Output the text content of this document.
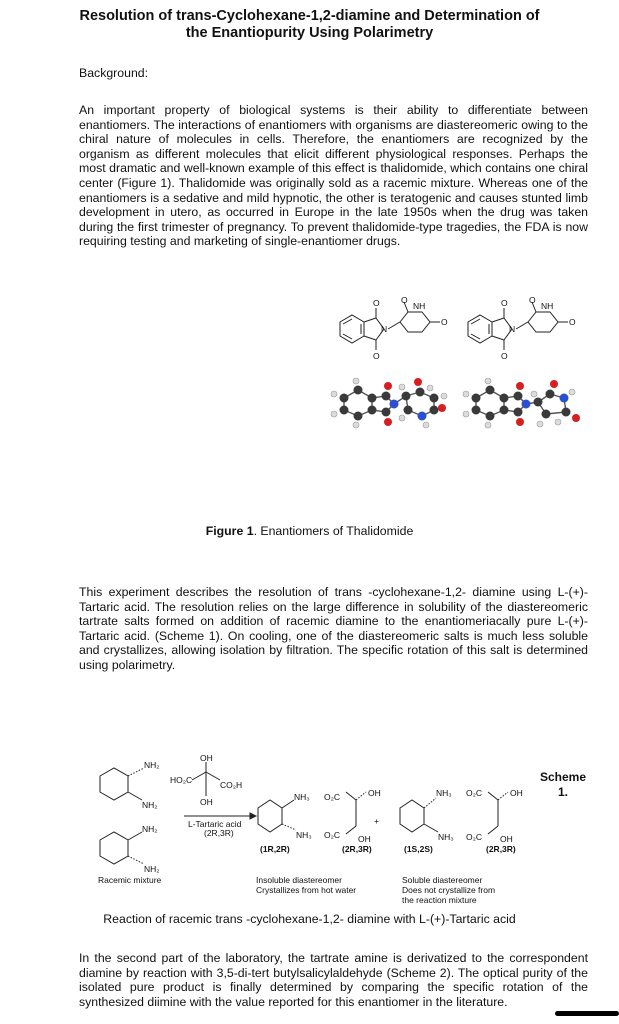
Resolution of trans-Cyclohexane-1,2-diamine and Determination of
the Enantiopurity Using Polarimetry
Background:
An important property of biological systems is their ability to differentiate between enantiomers. The interactions of enantiomers with organisms are diastereomeric owing to the chiral nature of molecules in cells. Therefore, the enantiomers are recognized by the organism as different molecules that elicit different physiological responses. Perhaps the most dramatic and well-known example of this effect is thalidomide, which contains one chiral center (Figure 1). Thalidomide was originally sold as a racemic mixture. Whereas one of the enantiomers is a sedative and mild hypnotic, the other is teratogenic and causes stunted limb development in utero, as occurred in Europe in the late 1950s when the drug was taken during the first trimester of pregnancy. To prevent thalidomide-type tragedies, the FDA is now requiring testing and marketing of single-enantiomer drugs.
N
O
O
O
NH
O
N
O
O
O
NH
O
Figure 1. Enantiomers of Thalidomide
This experiment describes the resolution of trans -cyclohexane-1,2- diamine using L-(+)-Tartaric acid. The resolution relies on the large difference in solubility of the diastereomeric tartrate salts formed on addition of racemic diamine to the enantiomeriacally pure L-(+)-Tartaric acid. (Scheme 1). On cooling, one of the diastereomeric salts is much less soluble and crystallizes, allowing isolation by filtration. The specific rotation of this salt is determined using polarimetry.
NH₂
NH₂
NH₂
NH₂
HO₂C	CO₂H
OH
OH
L-Tartaric acid
(2R,3R)
NH₃
NH₃
O₂C
O₂C
OH
OH
+
NH₃
NH₃
O₂C
O₂C
OH
OH
(1R,2R)	(2R,3R)	(1S,2S)	(2R,3R)
Racemic mixture	Insoluble diastereomer
Crystallizes from hot water
Soluble diastereomer
Does not crystallize from
the reaction mixture
Scheme
1.
Reaction of racemic trans -cyclohexane-1,2- diamine with L-(+)-Tartaric acid
In the second part of the laboratory, the tartrate amine is derivatized to the correspondent diamine by reaction with 3,5-di-tert butylsalicylaldehyde (Scheme 2). The optical purity of the isolated pure product is finally determined by comparing the specific rotation of the synthesized diimine with the value reported for this enantiomer in the literature.
